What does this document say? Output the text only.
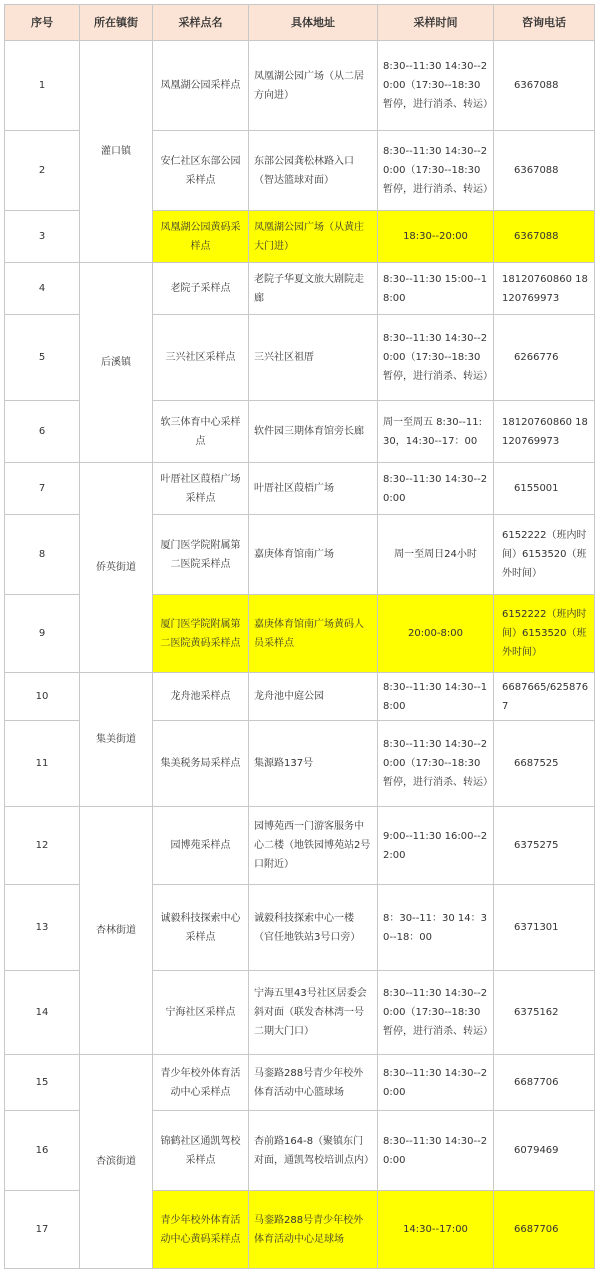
序号	所在镇街	采样点名	具体地址	采样时间	咨询电话
1	灌口镇	凤凰湖公园采样点	凤凰湖公园广场（从二居方向进）	8:30--11:30 14:30--20:00（17:30--18:30暂停，进行消杀、转运）	6367088
2		安仁社区东部公园采样点	东部公园龚松林路入口（智达篮球对面）	8:30--11:30 14:30--20:00（17:30--18:30暂停，进行消杀、转运）	6367088
3		凤凰湖公园黄码采样点	凤凰湖公园广场（从黄庄大门进）	18:30--20:00	6367088
4	后溪镇	老院子采样点	老院子华夏文旅大剧院走廊	8:30--11:30 15:00--18:00	18120760860 18120769973
5		三兴社区采样点	三兴社区祖厝	8:30--11:30 14:30--20:00（17:30--18:30暂停，进行消杀、转运）	6266776
6		软三体育中心采样点	软件园三期体育馆旁长廊	周一至周五 8:30--11:30，14:30--17：00	18120760860 18120769973
7	侨英街道	叶厝社区葭梧广场采样点	叶厝社区葭梧广场	8:30--11:30 14:30--20:00	6155001
8		厦门医学院附属第二医院采样点	嘉庚体育馆南广场	周一至周日24小时	6152222（班内时间）6153520（班外时间）
9		厦门医学院附属第二医院黄码采样点	嘉庚体育馆南广场黄码人员采样点	20:00-8:00	6152222（班内时间）6153520（班外时间）
10	集美街道	龙舟池采样点	龙舟池中庭公园	8:30--11:30 14:30--18:00	6687665/6258767
11		集美税务局采样点	集源路137号	8:30--11:30 14:30--20:00（17:30--18:30暂停，进行消杀、转运）	6687525
12	杏林街道	园博苑采样点	园博苑西一门游客服务中心二楼（地铁园博苑站2号口附近）	9:00--11:30 16:00--22:00	6375275
13		诚毅科技探索中心采样点	诚毅科技探索中心一楼（官任地铁站3号口旁）	8：30--11：30 14：30--18：00	6371301
14		宁海社区采样点	宁海五里43号社区居委会斜对面（联发杏林湾一号二期大门口）	8:30--11:30 14:30--20:00（17:30--18:30暂停，进行消杀、转运）	6375162
15	杏滨街道	青少年校外体育活动中心采样点	马銮路288号青少年校外体育活动中心篮球场	8:30--11:30 14:30--20:00	6687706
16		锦鹤社区通凯驾校采样点	杏前路164-8（聚镇东门对面，通凯驾校培训点内）	8:30--11:30 14:30--20:00	6079469
17		青少年校外体育活动中心黄码采样点	马銮路288号青少年校外体育活动中心足球场	14:30--17:00	6687706
